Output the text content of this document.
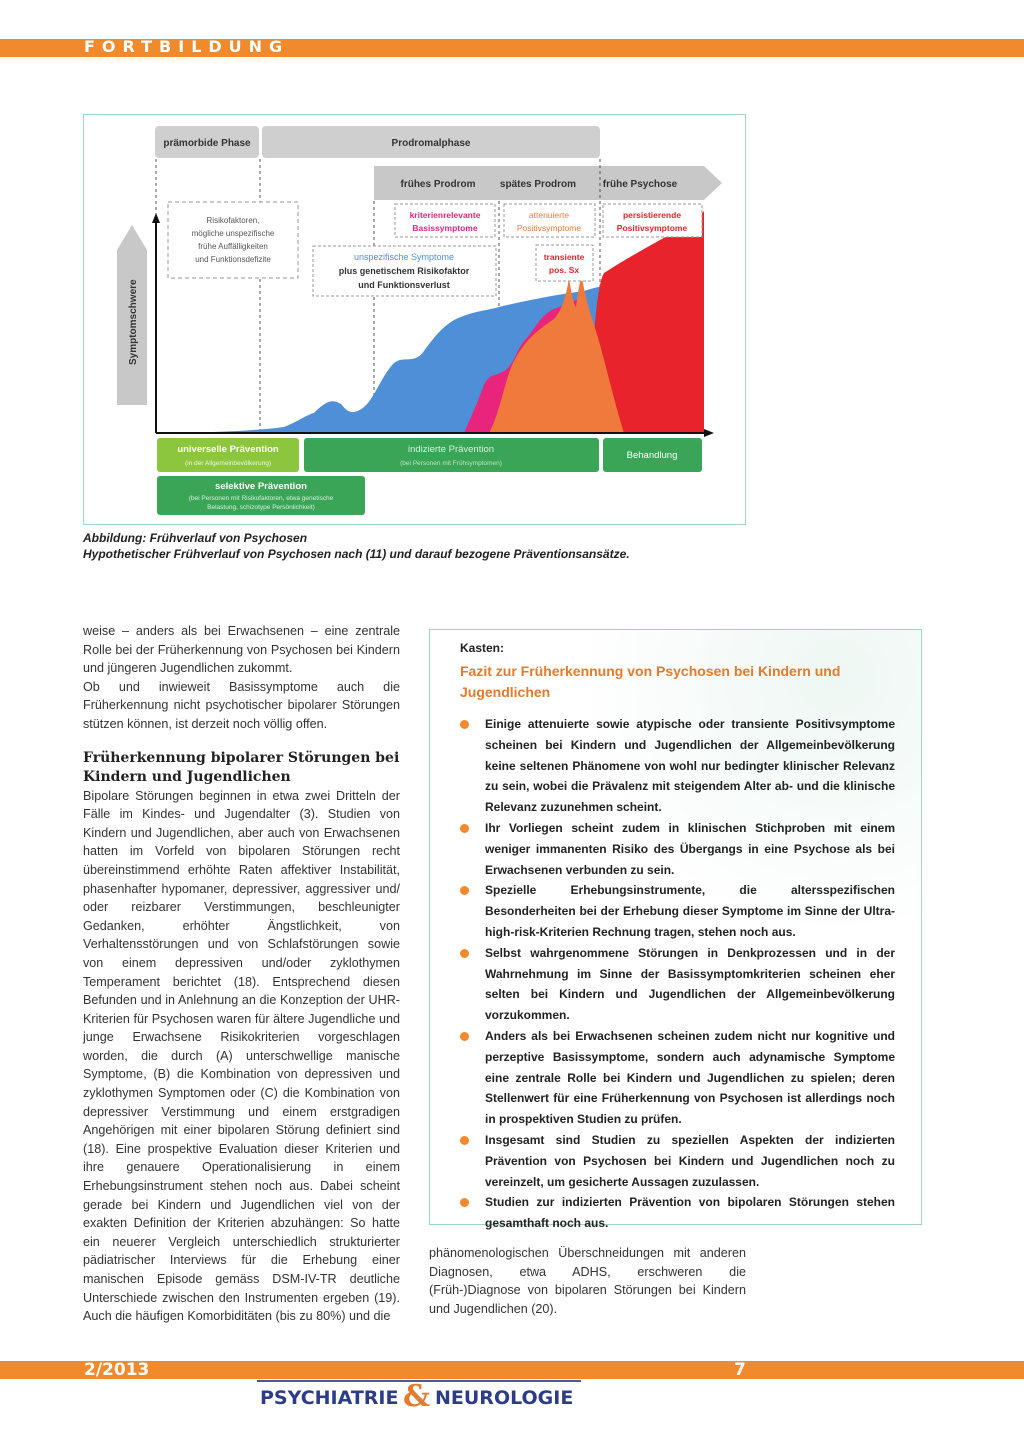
FORTBILDUNG
Symptomschwere
prämorbide Phase	Prodromalphase
frühes Prodrom spätes Prodrom	frühe Psychose
Risikofaktoren,
mögliche unspezifische
frühe Auffälligkeiten
und Funktionsdefizite
kriterienrelevante
Basissymptome
attenuierte
Positivsymptome
persistierende
Positivsymptome
unspezifische Symptome
plus genetischem Risikofaktor
und Funktionsverlust
transiente
pos. Sx
universelle Prävention
(in der Allgemeinbevölkerung)
indizierte Prävention
(bei Personen mit Frühsymptomen)
Behandlung
selektive Prävention
(bei Personen mit Risikofaktoren, etwa genetische
Belastung, schizotype Persönlichkeit)
Abbildung: Frühverlauf von Psychosen
Hypothetischer Frühverlauf von Psychosen nach (11) und darauf bezogene Präventionsansätze.

weise – anders als bei Erwachsenen – eine zentrale Rolle bei der Früherkennung von Psychosen bei Kindern und jüngeren Jugendlichen zukommt.

Ob und inwieweit Basissymptome auch die Früherkennung nicht psychotischer bipolarer Störungen stützen können, ist derzeit noch völlig offen.

Früherkennung bipolarer Störungen bei Kindern und Jugendlichen

Bipolare Störungen beginnen in etwa zwei Dritteln der Fälle im Kindes- und Jugendalter (3). Studien von Kindern und Jugendlichen, aber auch von Erwachsenen hatten im Vorfeld von bipolaren Störungen recht übereinstimmend erhöhte Raten affektiver Instabilität, phasenhafter hypomaner, depressiver, aggressiver und/ oder reizbarer Verstimmungen, beschleunigter Gedanken, erhöhter Ängstlichkeit, von Verhaltensstörungen und von Schlafstörungen sowie von einem depressiven und/oder zyklothymen Temperament berichtet (18). Entsprechend diesen Befunden und in Anlehnung an die Konzeption der UHR-Kriterien für Psychosen waren für ältere Jugendliche und junge Erwachsene Risikokriterien vorgeschlagen worden, die durch (A) unterschwellige manische Symptome, (B) die Kombination von depressiven und zyklothymen Symptomen oder (C) die Kombination von depressiver Verstimmung und einem erstgradigen Angehörigen mit einer bipolaren Störung definiert sind (18). Eine prospektive Evaluation dieser Kriterien und ihre genauere Operationalisierung in einem Erhebungsinstrument stehen noch aus. Dabei scheint gerade bei Kindern und Jugendlichen viel von der exakten Definition der Kriterien abzuhängen: So hatte ein neuerer Vergleich unterschiedlich strukturierter pädiatrischer Interviews für die Erhebung einer manischen Episode gemäss DSM-IV-TR deutliche Unterschiede zwischen den Instrumenten ergeben (19). Auch die häufigen Komorbiditäten (bis zu 80%) und die

Kasten:
Fazit zur Früherkennung von Psychosen bei Kindern und Jugendlichen
Einige attenuierte sowie atypische oder transiente Positivsymptome scheinen bei Kindern und Jugendlichen der Allgemeinbevölkerung keine seltenen Phänomene von wohl nur bedingter klinischer Relevanz zu sein, wobei die Prävalenz mit steigendem Alter ab- und die klinische Relevanz zuzunehmen scheint.
Ihr Vorliegen scheint zudem in klinischen Stichproben mit einem weniger immanenten Risiko des Übergangs in eine Psychose als bei Erwachsenen verbunden zu sein.
Spezielle Erhebungsinstrumente, die altersspezifischen Besonderheiten bei der Erhebung dieser Symptome im Sinne der Ultra-high-risk-Kriterien Rechnung tragen, stehen noch aus.
Selbst wahrgenommene Störungen in Denkprozessen und in der Wahrnehmung im Sinne der Basissymptomkriterien scheinen eher selten bei Kindern und Jugendlichen der Allgemeinbevölkerung vorzukommen.
Anders als bei Erwachsenen scheinen zudem nicht nur kognitive und perzeptive Basissymptome, sondern auch adynamische Symptome eine zentrale Rolle bei Kindern und Jugendlichen zu spielen; deren Stellenwert für eine Früherkennung von Psychosen ist allerdings noch in prospektiven Studien zu prüfen.
Insgesamt sind Studien zu speziellen Aspekten der indizierten Prävention von Psychosen bei Kindern und Jugendlichen noch zu vereinzelt, um gesicherte Aussagen zuzulassen.
Studien zur indizierten Prävention von bipolaren Störungen stehen gesamthaft noch aus.

phänomenologischen Überschneidungen mit anderen Diagnosen, etwa ADHS, erschweren die (Früh-)Diagnose von bipolaren Störungen bei Kindern und Jugendlichen (20).

2/2013	7
PSYCHIATRIE & NEUROLOGIE
